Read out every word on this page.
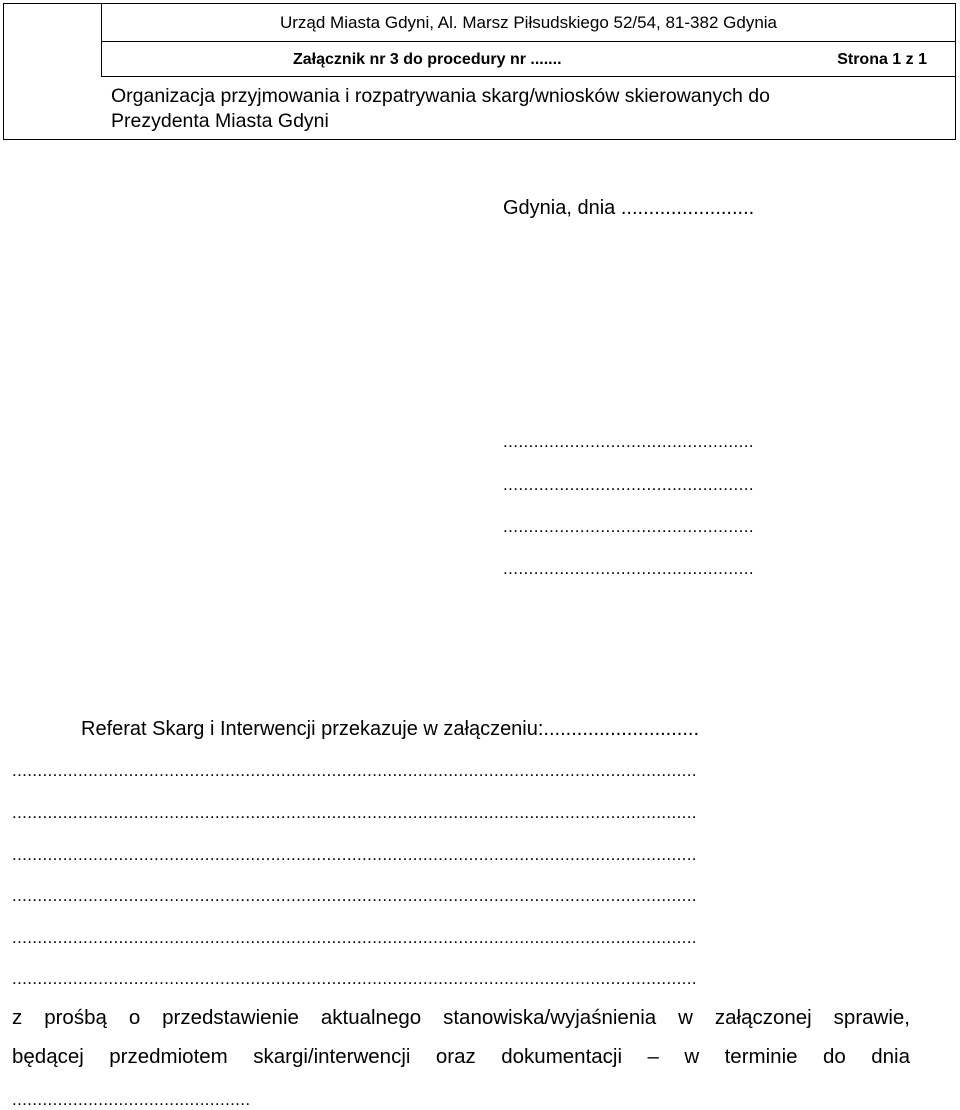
Urząd Miasta Gdyni, Al. Marsz Piłsudskiego 52/54, 81-382 Gdynia
Załącznik nr 3 do procedury nr .......	Strona 1 z 1
Organizacja przyjmowania i rozpatrywania skarg/wniosków skierowanych do
Prezydenta Miasta Gdyni
Gdynia, dnia ........................
.................................................
.................................................
.................................................
.................................................
Referat Skarg i Interwencji przekazuje w załączeniu:............................
.......................................................................................................................................
.......................................................................................................................................
.......................................................................................................................................
.......................................................................................................................................
.......................................................................................................................................
.......................................................................................................................................
z prośbą o przedstawienie aktualnego stanowiska/wyjaśnienia w załączonej sprawie,
będącej przedmiotem skargi/interwencji oraz dokumentacji – w terminie do dnia
...............................................
